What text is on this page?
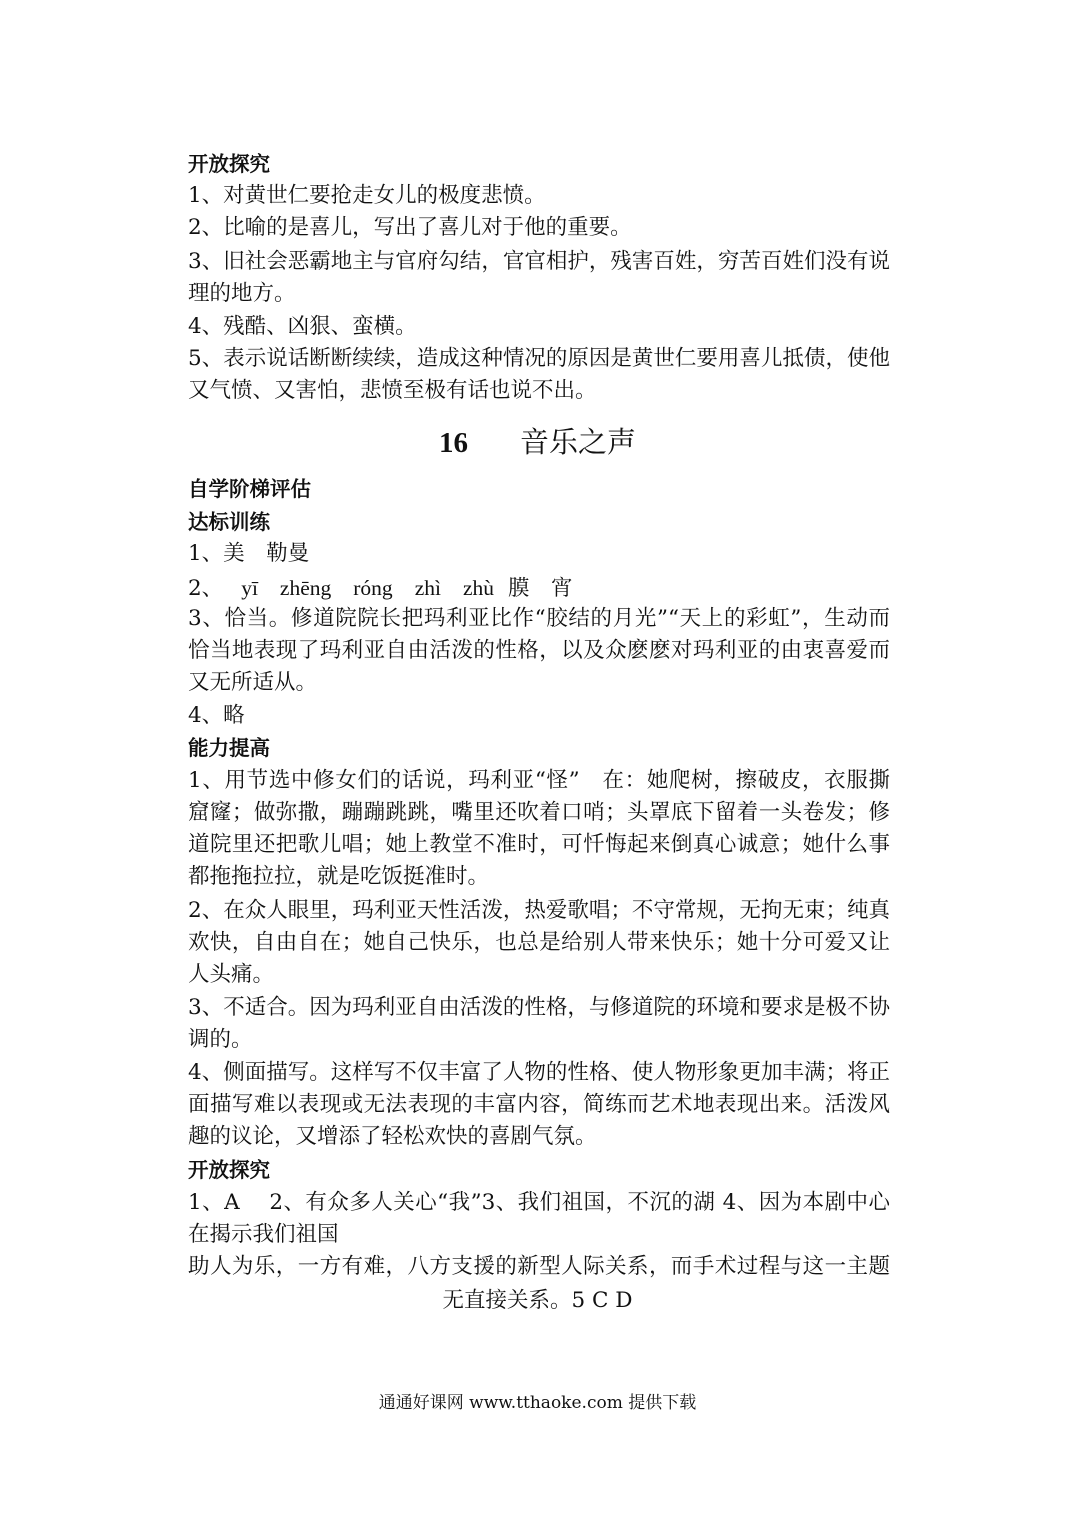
开放探究
1、对黄世仁要抢走女儿的极度悲愤。
2、比喻的是喜儿，写出了喜儿对于他的重要。
3、旧社会恶霸地主与官府勾结，官官相护，残害百姓，穷苦百姓们没有说
理的地方。
4、残酷、凶狠、蛮横。
5、表示说话断断续续，造成这种情况的原因是黄世仁要用喜儿抵债，使他
又气愤、又害怕，悲愤至极有话也说不出。
16 音乐之声
自学阶梯评估
达标训练
1、美　勒曼
2、 yī zhēng róng zhì zhù 膜　宵
3、恰当。修道院院长把玛利亚比作“胶结的月光”“天上的彩虹”，生动而
恰当地表现了玛利亚自由活泼的性格，以及众麽麽对玛利亚的由衷喜爱而
又无所适从。
4、略
能力提高
1、用节选中修女们的话说，玛利亚“怪”　在：她爬树，擦破皮，衣服撕
窟窿；做弥撒，蹦蹦跳跳，嘴里还吹着口哨；头罩底下留着一头卷发；修
道院里还把歌儿唱；她上教堂不准时，可忏悔起来倒真心诚意；她什么事
都拖拖拉拉，就是吃饭挺准时。
2、在众人眼里，玛利亚天性活泼，热爱歌唱；不守常规，无拘无束；纯真
欢快，自由自在；她自己快乐，也总是给别人带来快乐；她十分可爱又让
人头痛。
3、不适合。因为玛利亚自由活泼的性格，与修道院的环境和要求是极不协
调的。
4、侧面描写。这样写不仅丰富了人物的性格、使人物形象更加丰满；将正
面描写难以表现或无法表现的丰富内容，简练而艺术地表现出来。活泼风
趣的议论，又增添了轻松欢快的喜剧气氛。
开放探究
1、A　 2、有众多人关心“我”3、我们祖国，不沉的湖 4、因为本剧中心
在揭示我们祖国
助人为乐，一方有难，八方支援的新型人际关系，而手术过程与这一主题
无直接关系。5 C D
通通好课网 www.tthaoke.com 提供下载
